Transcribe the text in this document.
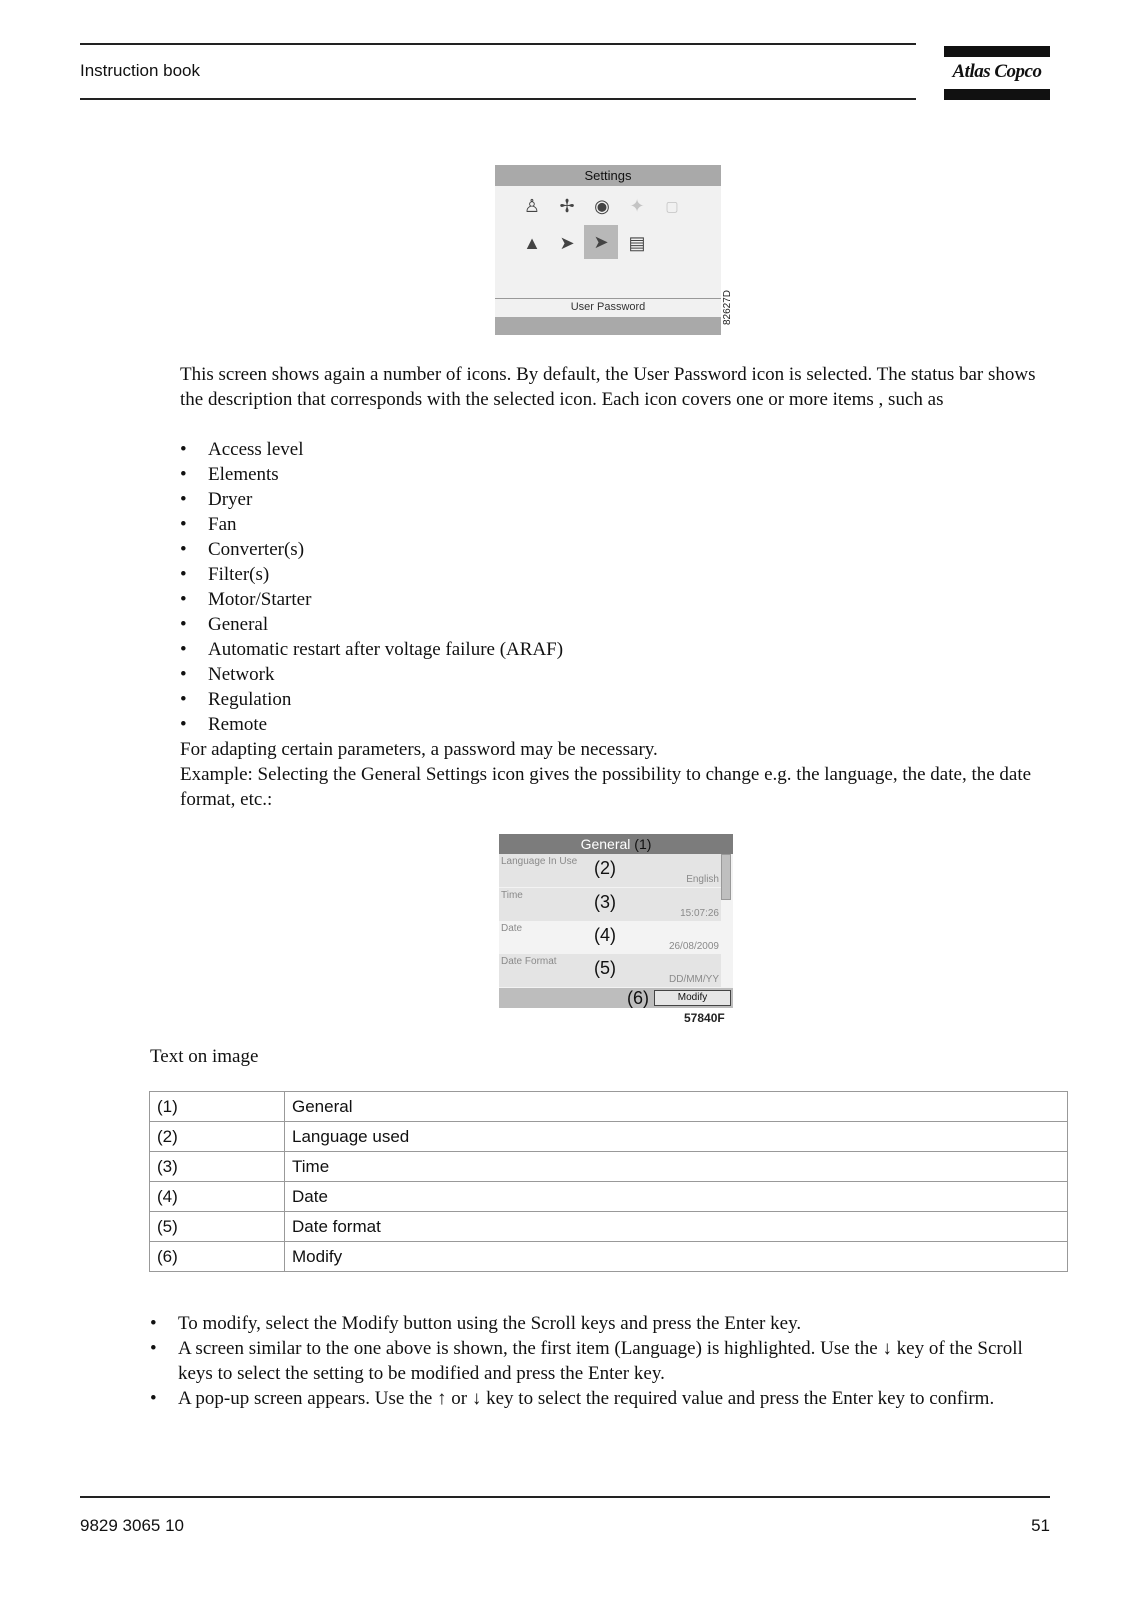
Instruction book	Atlas Copco
Settings
♙	✢	◉	✦	▢
▲	➤	➤	▤
User Password	82627D
This screen shows again a number of icons. By default, the User Password icon is selected. The status bar shows the description that corresponds with the selected icon. Each icon covers one or more items , such as
• Access level
• Elements
• Dryer
• Fan
• Converter(s)
• Filter(s)
• Motor/Starter
• General
• Automatic restart after voltage failure (ARAF)
• Network
• Regulation
• Remote
For adapting certain parameters, a password may be necessary.
Example: Selecting the General Settings icon gives the possibility to change e.g. the language, the date, the date format, etc.:
General (1)
Language In Use (2)
English
Time	(3)
15:07:26
Date	(4)
26/08/2009
Date Format (5)
DD/MM/YY
(6)	Modify
57840F
Text on image
(1)	General
(2)	Language used
(3)	Time
(4)	Date
(5)	Date format
(6)	Modify
• To modify, select the Modify button using the Scroll keys and press the Enter key.
• A screen similar to the one above is shown, the first item (Language) is highlighted. Use the ↓ key of the Scroll keys to select the setting to be modified and press the Enter key.
• A pop-up screen appears. Use the ↑ or ↓ key to select the required value and press the Enter key to confirm.
9829 3065 10	51
